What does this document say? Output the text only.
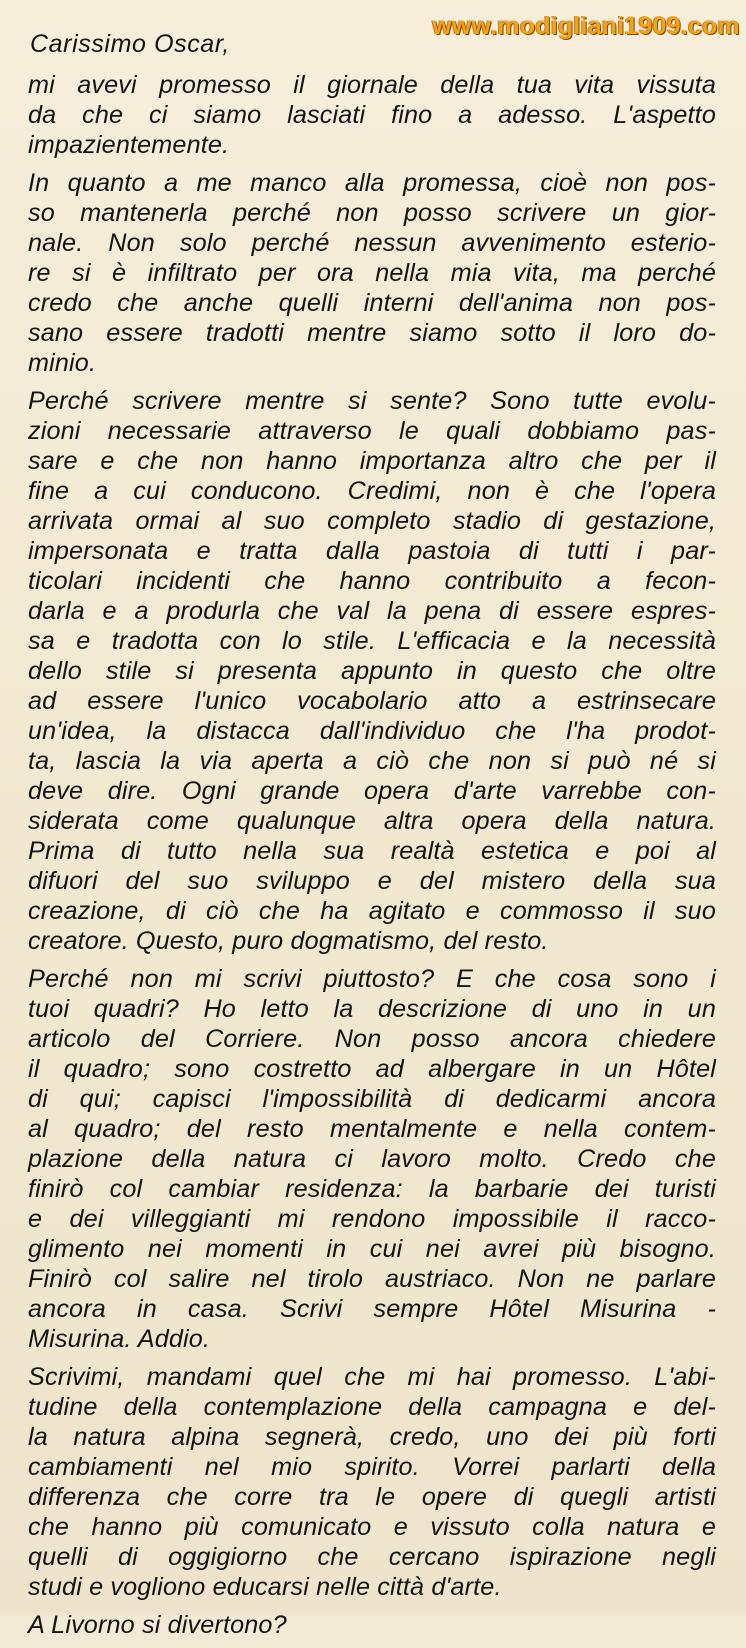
www.modigliani1909.com
Carissimo Oscar,
mi avevi promesso il giornale della tua vita vissuta
da che ci siamo lasciati fino a adesso. L'aspetto
impazientemente.
In quanto a me manco alla promessa, cioè non pos-
so mantenerla perché non posso scrivere un gior-
nale. Non solo perché nessun avvenimento esterio-
re si è infiltrato per ora nella mia vita, ma perché
credo che anche quelli interni dell'anima non pos-
sano essere tradotti mentre siamo sotto il loro do-
minio.
Perché scrivere mentre si sente? Sono tutte evolu-
zioni necessarie attraverso le quali dobbiamo pas-
sare e che non hanno importanza altro che per il
fine a cui conducono. Credimi, non è che l'opera
arrivata ormai al suo completo stadio di gestazione,
impersonata e tratta dalla pastoia di tutti i par-
ticolari incidenti che hanno contribuito a fecon-
darla e a produrla che val la pena di essere espres-
sa e tradotta con lo stile. L'efficacia e la necessità
dello stile si presenta appunto in questo che oltre
ad essere l'unico vocabolario atto a estrinsecare
un'idea, la distacca dall'individuo che l'ha prodot-
ta, lascia la via aperta a ciò che non si può né si
deve dire. Ogni grande opera d'arte varrebbe con-
siderata come qualunque altra opera della natura.
Prima di tutto nella sua realtà estetica e poi al
difuori del suo sviluppo e del mistero della sua
creazione, di ciò che ha agitato e commosso il suo
creatore. Questo, puro dogmatismo, del resto.
Perché non mi scrivi piuttosto? E che cosa sono i
tuoi quadri? Ho letto la descrizione di uno in un
articolo del Corriere. Non posso ancora chiedere
il quadro; sono costretto ad albergare in un Hôtel
di qui; capisci l'impossibilità di dedicarmi ancora
al quadro; del resto mentalmente e nella contem-
plazione della natura ci lavoro molto. Credo che
finirò col cambiar residenza: la barbarie dei turisti
e dei villeggianti mi rendono impossibile il racco-
glimento nei momenti in cui nei avrei più bisogno.
Finirò col salire nel tirolo austriaco. Non ne parlare
ancora in casa. Scrivi sempre Hôtel Misurina -
Misurina. Addio.
Scrivimi, mandami quel che mi hai promesso. L'abi-
tudine della contemplazione della campagna e del-
la natura alpina segnerà, credo, uno dei più forti
cambiamenti nel mio spirito. Vorrei parlarti della
differenza che corre tra le opere di quegli artisti
che hanno più comunicato e vissuto colla natura e
quelli di oggigiorno che cercano ispirazione negli
studi e vogliono educarsi nelle città d'arte.
A Livorno si divertono?
